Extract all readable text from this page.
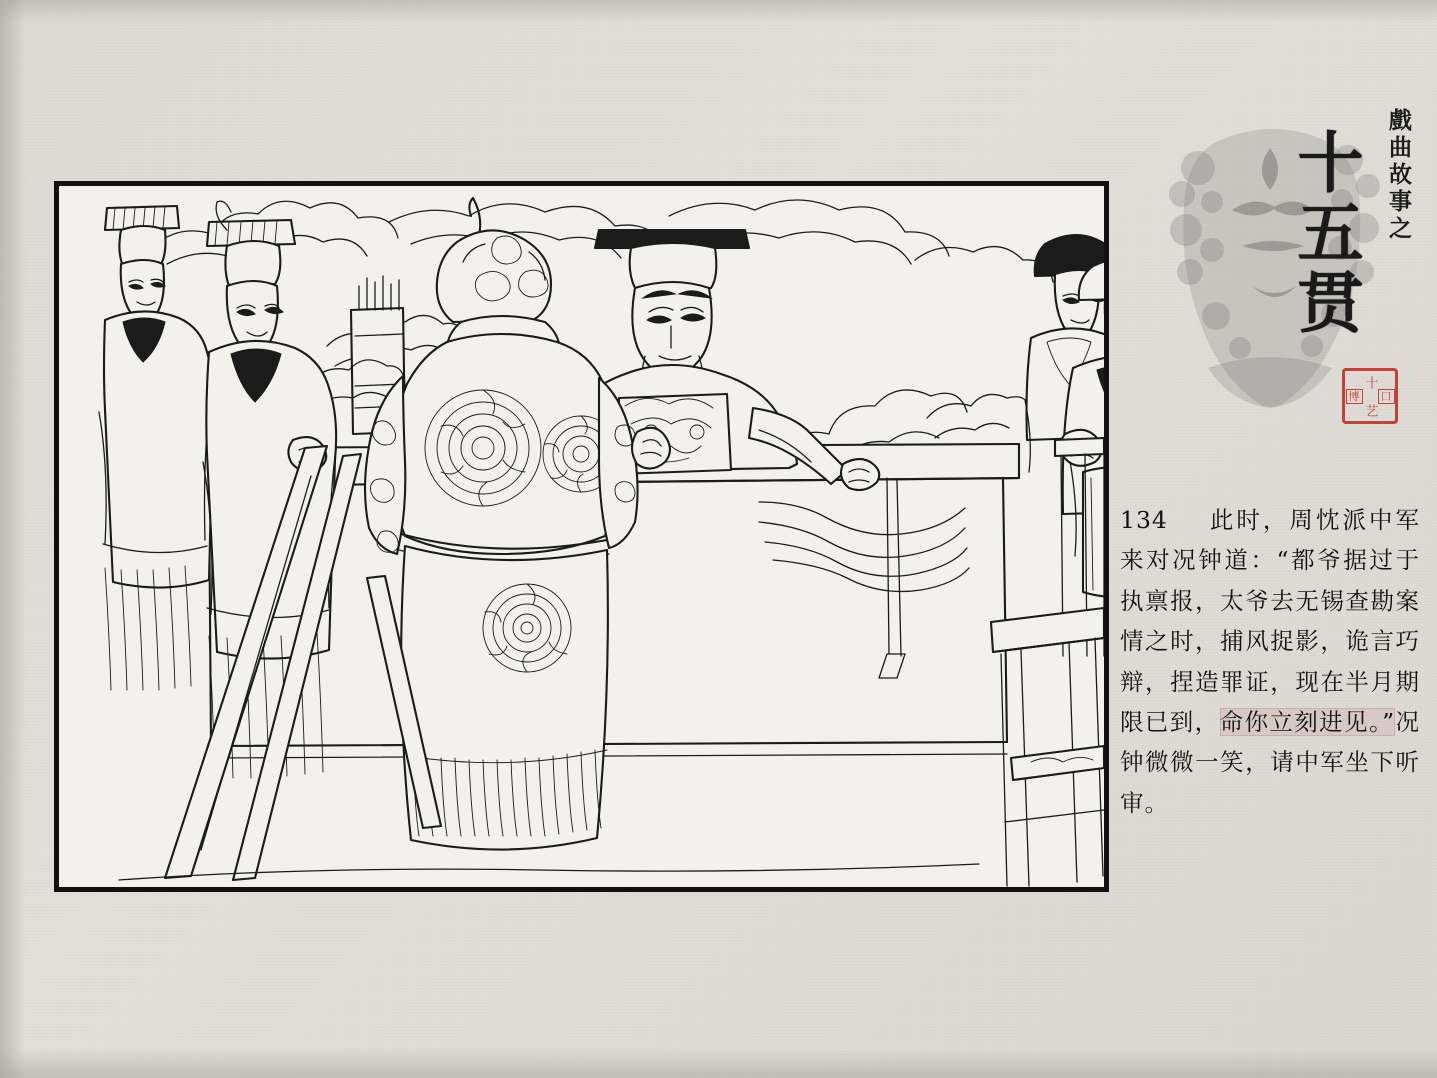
戲曲故事之
十五贯
博
十 艺
口
134 此时，周忱派中军来对况钟道：“都爷据过于执禀报，太爷去无锡查勘案情之时，捕风捉影，诡言巧辩，捏造罪证，现在半月期限已到，命你立刻进见。”况钟微微一笑，请中军坐下听审。
